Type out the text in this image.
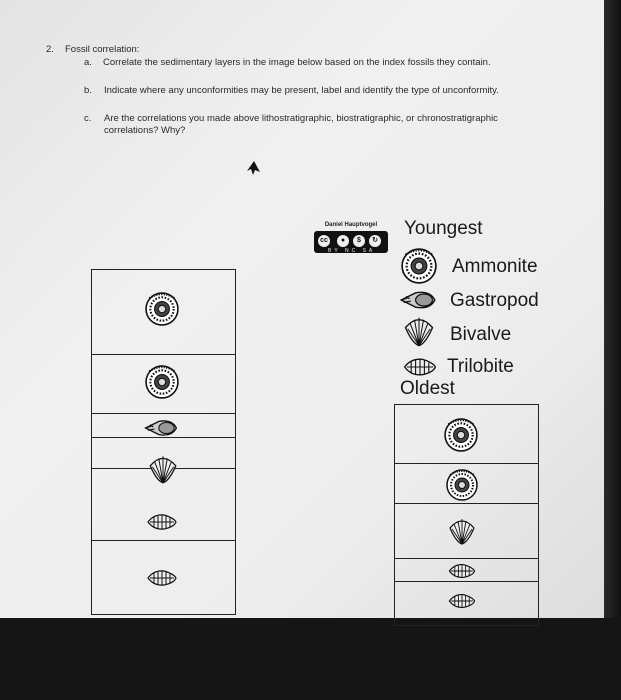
2. Fossil correlation:
a. Correlate the sedimentary layers in the image below based on the index fossils they contain.
b. Indicate where any unconformities may be present, label and identify the type of unconformity.
c. Are the correlations you made above lithostratigraphic, biostratigraphic, or chronostratigraphic
correlations? Why?
Daniel Hauptvogel
cc	●	$	↻
BY NC SA
Youngest
Ammonite
Gastropod
Bivalve
Trilobite
Oldest
